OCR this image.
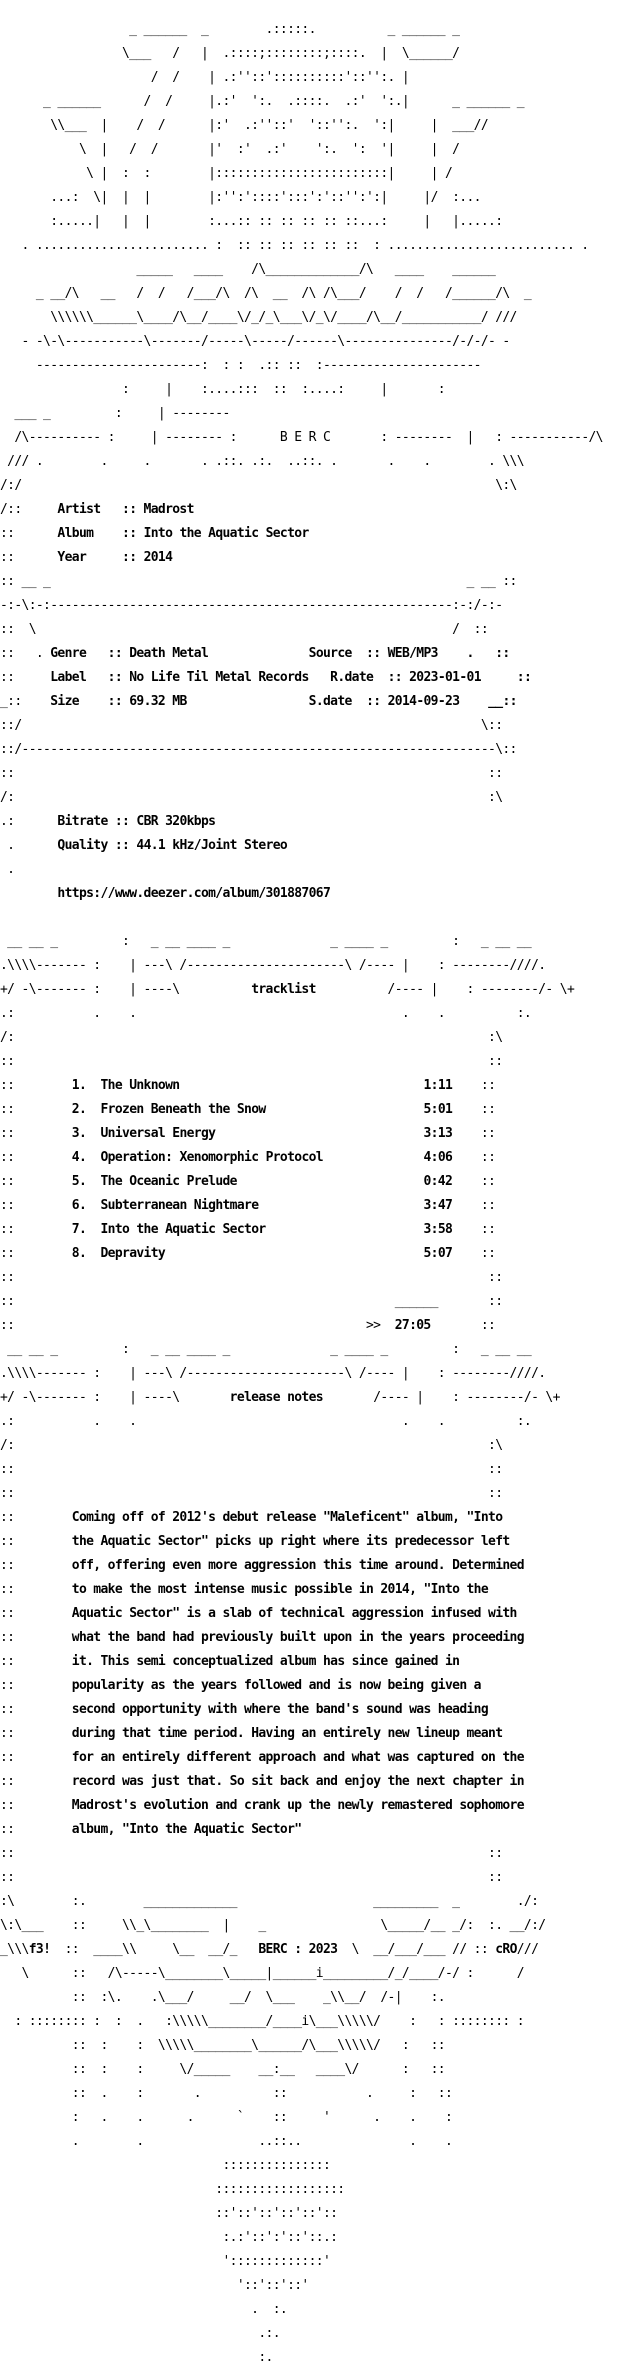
_ ______  _        .:::::.          _ ______ _

\___   /   |  .::::;::::::::;::::.  |  \______/

/  /    | .:''::'::::::::::'::'':. |

_ ______      /  /     |.:'  ':.  .::::.  .:'  ':.|      _ ______ _

\\___  |    /  /      |:'  .:''::'  '::'':.  ':|     |  ___//

\  |   /  /       |'  :'  .:'    ':.  ':  '|     |  /

\ |  :  :        |::::::::::::::::::::::::|     | /

...:  \|  |  |        |:'':'::::':::':'::'':':|     |/  :...

:.....|   |  |        :...:: :: :: :: :: ::...:     |   |.....:

. ........................ :  :: :: :: :: :: ::  : .......................... .

_____   ____    /\_____________/\   ____    ______

_ __/\   __   /  /   /___/\  /\  __  /\ /\___/    /  /   /______/\  _

\\\\\\______\____/\__/____\/_/_\___\/_\/____/\__/___________/ ///

- -\-\-----------\-------/-----\-----/------\---------------/-/-/- -

-----------------------:  : :  .:: ::  :----------------------

:     |    :....:::  ::  :....:     |       :

___ _         :     | --------

/\---------- :     | -------- :      B E R C       : --------  |   : -----------/\

/// .        .     .       . .::. .:.  ..::. .       .    .        . \\\

/:/                                                                  \:\

/::     Artist   :: Madrost

::      Album    :: Into the Aquatic Sector

::      Year     :: 2014

:: __ _                                                          _ __ ::

-:-\:-:--------------------------------------------------------:-:/-:-

::  \                                                          /  ::

::   . Genre   :: Death Metal	Source  :: WEB/MP3    .   ::

::     Label   :: No Life Til Metal Records R.date  :: 2023-01-01     ::

_::    Size    :: 69.32 MB	S.date  :: 2014-09-23    __::

::/                                                                \::

::/------------------------------------------------------------------\::

::                                                                  ::

/:                                                                  :\

.:      Bitrate :: CBR 320kbps

.      Quality :: 44.1 kHz/Joint Stereo

.

https://www.deezer.com/album/301887067

__ __ _         :   _ __ ____ _              _ ____ _         :   _ __ __

.\\\\------- :    | ---\ /----------------------\ /---- |    : --------////.

+/ -\------- :    | ----\          tracklist          /---- |    : --------/- \+

.:           .    .                                     .    .          :.

/:                                                                  :\

::                                                                  ::

::        1. The Unknown	1:11    ::

::        2. Frozen Beneath the Snow	5:01    ::

::        3. Universal Energy	3:13    ::

::        4. Operation: Xenomorphic Protocol	4:06    ::

::        5. The Oceanic Prelude	0:42    ::

::        6. Subterranean Nightmare	3:47    ::

::        7. Into the Aquatic Sector	3:58    ::

::        8. Depravity	5:07    ::

::                                                                  ::

::                                                     ______       ::

::                                                 >>  27:05       ::

__ __ _         :   _ __ ____ _              _ ____ _         :   _ __ __

.\\\\------- :    | ---\ /----------------------\ /---- |    : --------////.

+/ -\------- :    | ----\       release notes       /---- |    : --------/- \+

.:           .    .                                     .    .          :.

/:                                                                  :\

::                                                                  ::

::                                                                  ::

::        Coming off of 2012's debut release "Maleficent" album, "Into

::        the Aquatic Sector" picks up right where its predecessor left

::        off, offering even more aggression this time around. Determined

::        to make the most intense music possible in 2014, "Into the

::        Aquatic Sector" is a slab of technical aggression infused with

::        what the band had previously built upon in the years proceeding

::        it. This semi conceptualized album has since gained in

::        popularity as the years followed and is now being given a

::        second opportunity with where the band's sound was heading

::        during that time period. Having an entirely new lineup meant

::        for an entirely different approach and what was captured on the

::        record was just that. So sit back and enjoy the next chapter in

::        Madrost's evolution and crank up the newly remastered sophomore

::        album, "Into the Aquatic Sector"

::                                                                  ::

::                                                                  ::

:\        :.        _____________                   _________  _        ./:

\:\___    ::     \\_\________  |    _                \_____/__ _/:  :. __/:/

_\\\f3!  ::  ____\\     \__  __/_   BERC : 2023  \  __/___/___ // :: cRO///

\      ::   /\-----\________\_____|______i_________/_/____/-/ :      /

::  :\.    .\___/     __/  \___    _\\__/  /-|    :.

: :::::::: :  :  .   :\\\\\________/____i\___\\\\\/    :   : :::::::: :

::  :    :  \\\\\________\______/\___\\\\\/   :   ::

::  :    :     \/_____    __:__   ____\/      :   ::

::  .    :       .          ::           .     :   ::

:   .    .      .      `    ::     '      .    .    :

.        .                ..::..               .    .

:::::::::::::::

::::::::::::::::::

::'::'::'::'::'::

:.:'::':'::'::.:

':::::::::::::'

'::'::'::'

.  :.

.:.

:.
